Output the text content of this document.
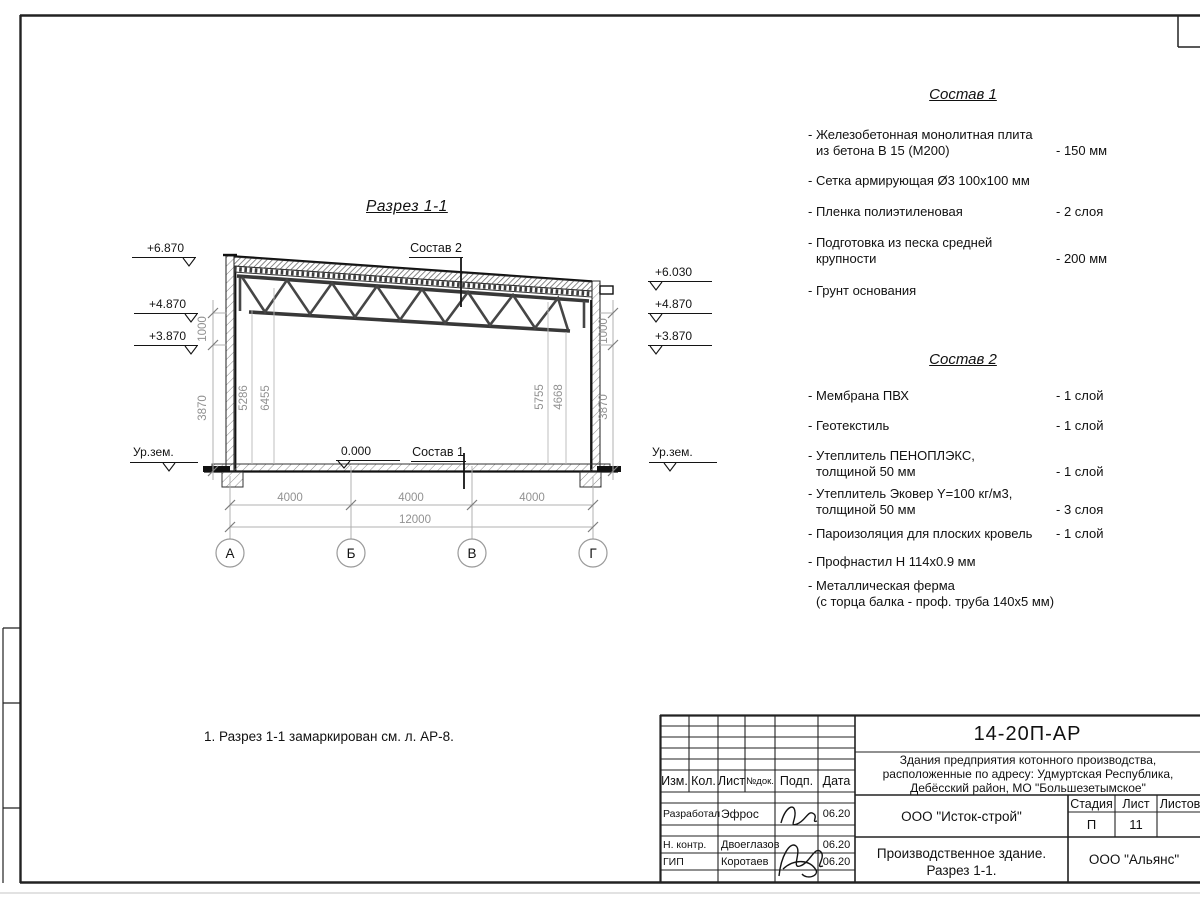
1000
3870	5286 6455	5755 4668
1000
3870
4000	4000	4000
12000
А	Б	В	Г
+6.870
+4.870
+3.870
+6.030
+4.870
+3.870
Ур.зем.	Ур.зем.
0.000
Состав 2
Состав 1
Разрез 1-1
1. Разрез 1-1 замаркирован см. л. АР-8.
Состав 1
- Железобетонная монолитная плита
из бетона В 15 (М200)	- 150 мм
- Сетка армирующая Ø3 100х100 мм
- Пленка полиэтиленовая	- 2 слоя
- Подготовка из песка средней
крупности	- 200 мм
- Грунт основания
Состав 2
- Мембрана ПВХ	- 1 слой
- Геотекстиль	- 1 слой
- Утеплитель ПЕНОПЛЭКС,
толщиной 50 мм	- 1 слой
- Утеплитель Эковер Y=100 кг/м3,
толщиной 50 мм	- 3 слоя
- Пароизоляция для плоских кровель	- 1 слой
- Профнастил Н 114х0.9 мм
- Металлическая ферма
(с торца балка - проф. труба 140х5 мм)
14-20П-АР
Здания предприятия котонного производства,
расположенные по адресу: Удмуртская Республика,
Дебёсский район, МО "Большезетымское"
ООО "Исток-строй"
Стадия Лист Листов
П	11
Производственное здание.
Разрез 1-1.
ООО "Альянс"
Изм. Кол. Лист №док. Подп. Дата
Разработал Эфрос	06.20
Н. контр.	Двоеглазов	06.20
ГИП	Коротаев	06.20
